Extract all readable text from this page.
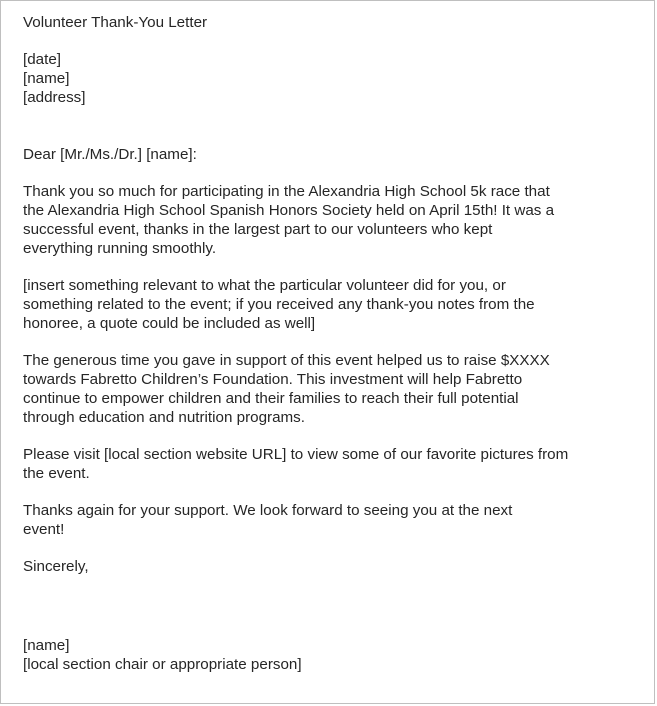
Volunteer Thank-You Letter
[date]
[name]
[address]
Dear [Mr./Ms./Dr.] [name]:
Thank you so much for participating in the Alexandria High School 5k race that
the Alexandria High School Spanish Honors Society held on April 15th! It was a
successful event, thanks in the largest part to our volunteers who kept
everything running smoothly.
[insert something relevant to what the particular volunteer did for you, or
something related to the event; if you received any thank-you notes from the
honoree, a quote could be included as well]
The generous time you gave in support of this event helped us to raise $XXXX
towards Fabretto Children’s Foundation. This investment will help Fabretto
continue to empower children and their families to reach their full potential
through education and nutrition programs.
Please visit [local section website URL] to view some of our favorite pictures from
the event.
Thanks again for your support. We look forward to seeing you at the next
event!
Sincerely,
[name]
[local section chair or appropriate person]
